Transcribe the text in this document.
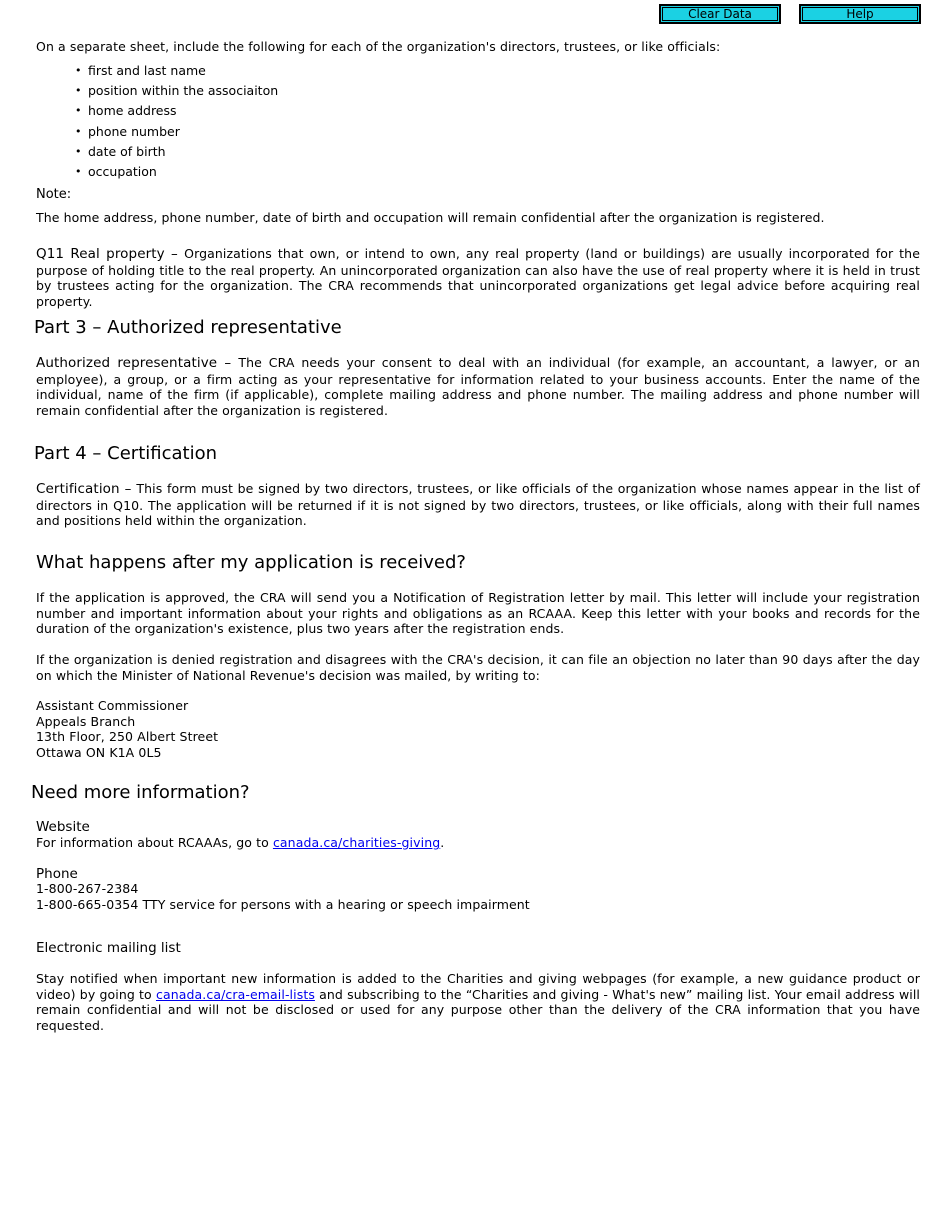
Clear Data	Help
On a separate sheet, include the following for each of the organization's directors, trustees, or like officials:
• first and last name
• position within the associaiton
• home address
• phone number
• date of birth
• occupation
Note:
The home address, phone number, date of birth and occupation will remain confidential after the organization is registered.
Q11 Real property – Organizations that own, or intend to own, any real property (land or buildings) are usually incorporated for the purpose of holding title to the real property. An unincorporated organization can also have the use of real property where it is held in trust by trustees acting for the organization. The CRA recommends that unincorporated organizations get legal advice before acquiring real property.
Part 3 – Authorized representative
Authorized representative – The CRA needs your consent to deal with an individual (for example, an accountant, a lawyer, or an employee), a group, or a firm acting as your representative for information related to your business accounts. Enter the name of the individual, name of the firm (if applicable), complete mailing address and phone number. The mailing address and phone number will remain confidential after the organization is registered.
Part 4 – Certification
Certification – This form must be signed by two directors, trustees, or like officials of the organization whose names appear in the list of directors in Q10. The application will be returned if it is not signed by two directors, trustees, or like officials, along with their full names and positions held within the organization.
What happens after my application is received?
If the application is approved, the CRA will send you a Notification of Registration letter by mail. This letter will include your registration number and important information about your rights and obligations as an RCAAA. Keep this letter with your books and records for the duration of the organization's existence, plus two years after the registration ends.
If the organization is denied registration and disagrees with the CRA's decision, it can file an objection no later than 90 days after the day on which the Minister of National Revenue's decision was mailed, by writing to:
Assistant Commissioner
Appeals Branch
13th Floor, 250 Albert Street
Ottawa ON K1A 0L5
Need more information?
Website
For information about RCAAAs, go to canada.ca/charities-giving.
Phone
1-800-267-2384
1-800-665-0354 TTY service for persons with a hearing or speech impairment
Electronic mailing list
Stay notified when important new information is added to the Charities and giving webpages (for example, a new guidance product or video) by going to canada.ca/cra-email-lists and subscribing to the “Charities and giving - What's new” mailing list. Your email address will remain confidential and will not be disclosed or used for any purpose other than the delivery of the CRA information that you have requested.
